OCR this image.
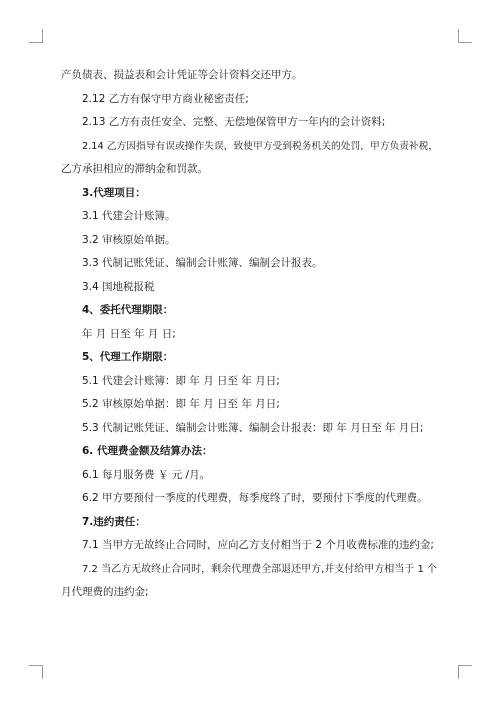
产负债表、损益表和会计凭证等会计资料交还甲方。
2.12 乙方有保守甲方商业秘密责任;
2.13 乙方有责任安全、完整、无偿地保管甲方一年内的会计资料;
2.14 乙方因指导有误或操作失误，致使甲方受到税务机关的处罚，甲方负责补税，
乙方承担相应的滞纳金和罚款。
3.代理项目：
3.1 代建会计账簿。
3.2 审核原始单据。
3.3 代制记账凭证、编制会计账簿、编制会计报表。
3.4 国地税报税
4、委托代理期限：
年 月 日至 年 月 日;
5、代理工作期限：
5.1 代建会计账簿：即 年 月 日至 年 月日;
5.2 审核原始单据：即 年 月 日至 年 月日;
5.3 代制记账凭证、编制会计账簿、编制会计报表：即 年 月日至 年 月日;
6. 代理费金额及结算办法：
6.1 每月服务费 ￥ 元 /月。
6.2 甲方要预付一季度的代理费，每季度终了时，要预付下季度的代理费。
7.违约责任：
7.1 当甲方无故终止合同时，应向乙方支付相当于 2 个月收费标准的违约金;
7.2 当乙方无故终止合同时，剩余代理费全部退还甲方,并支付给甲方相当于 1 个
月代理费的违约金;
